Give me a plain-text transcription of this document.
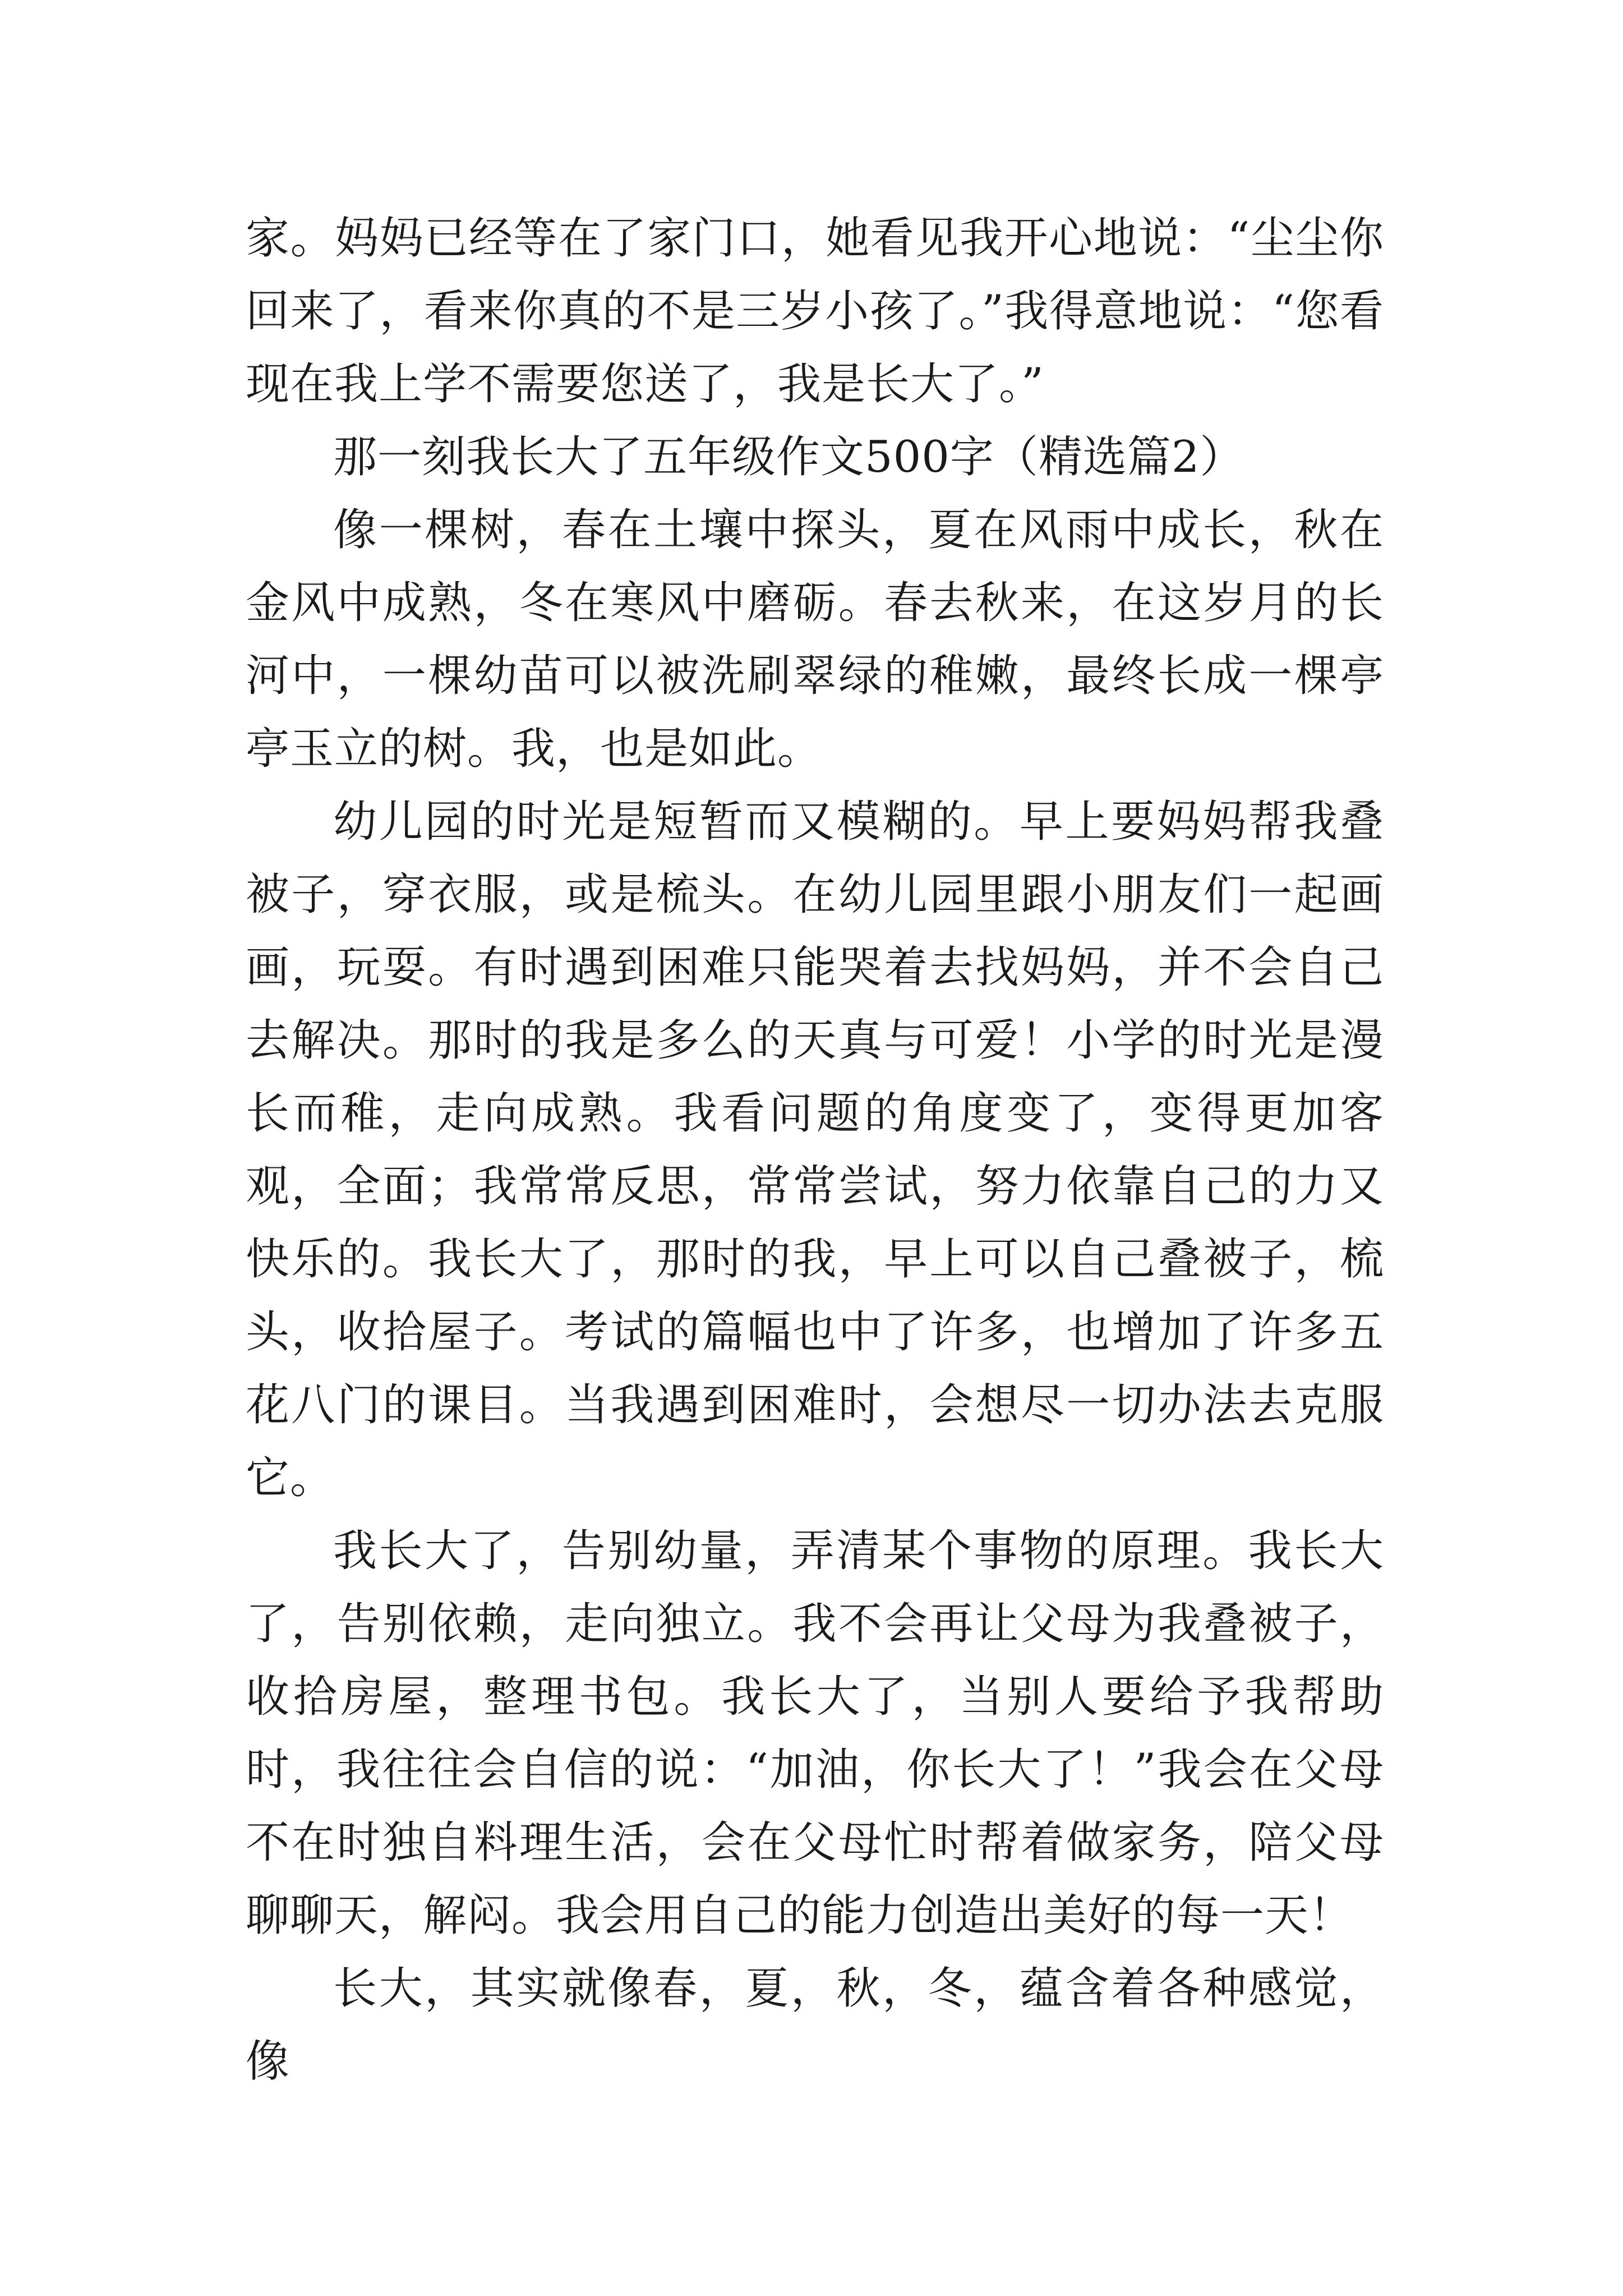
家。妈妈已经等在了家门口，她看见我开心地说：“尘尘你回来了，看来你真的不是三岁小孩了。”我得意地说：“您看现在我上学不需要您送了，我是长大了。”

那一刻我长大了五年级作文500字（精选篇2）

像一棵树，春在土壤中探头，夏在风雨中成长，秋在金风中成熟，冬在寒风中磨砺。春去秋来，在这岁月的长河中，一棵幼苗可以被洗刷翠绿的稚嫩，最终长成一棵亭亭玉立的树。我，也是如此。

幼儿园的时光是短暂而又模糊的。早上要妈妈帮我叠被子，穿衣服，或是梳头。在幼儿园里跟小朋友们一起画画，玩耍。有时遇到困难只能哭着去找妈妈，并不会自己去解决。那时的我是多么的天真与可爱！小学的时光是漫长而稚，走向成熟。我看问题的角度变了，变得更加客观，全面；我常常反思，常常尝试，努力依靠自己的力又快乐的。我长大了，那时的我，早上可以自己叠被子，梳头，收拾屋子。考试的篇幅也中了许多，也增加了许多五花八门的课目。当我遇到困难时，会想尽一切办法去克服它。

我长大了，告别幼量，弄清某个事物的原理。我长大了，告别依赖，走向独立。我不会再让父母为我叠被子，收拾房屋，整理书包。我长大了，当别人要给予我帮助时，我往往会自信的说：“加油，你长大了！”我会在父母不在时独自料理生活，会在父母忙时帮着做家务，陪父母聊聊天，解闷。我会用自己的能力创造出美好的每一天！

长大，其实就像春，夏，秋，冬，蕴含着各种感觉，像
